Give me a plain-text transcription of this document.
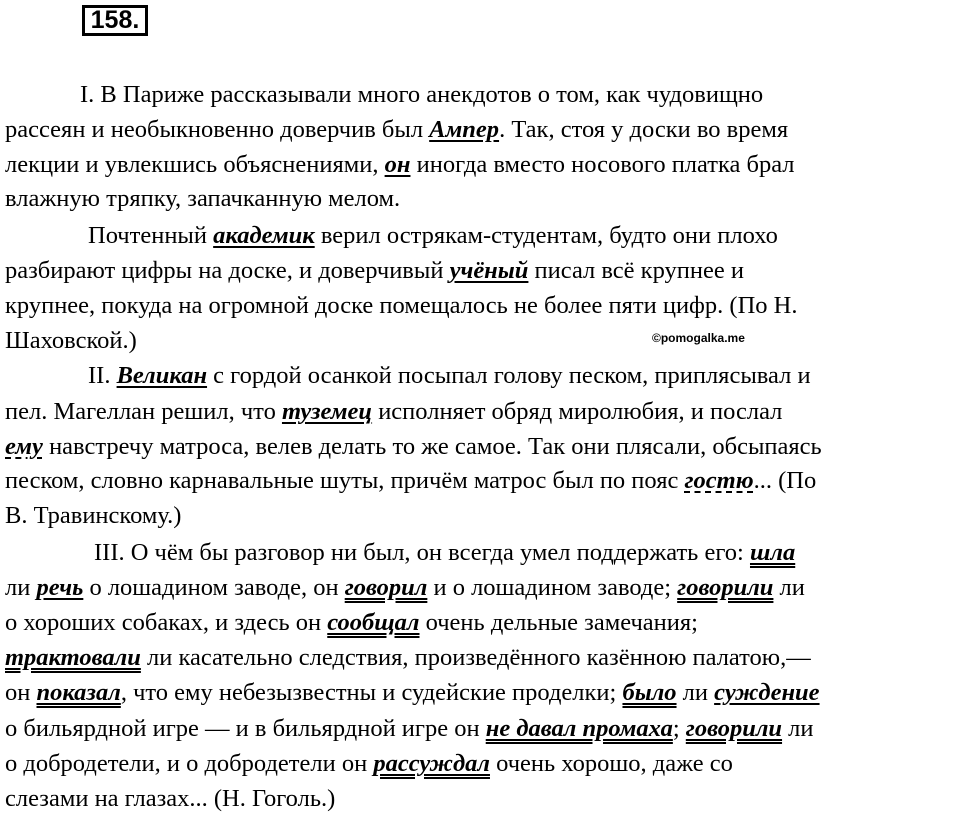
158.
I. В Париже рассказывали много анекдотов о том, как чудовищно
рассеян и необыкновенно доверчив был Ампер. Так, стоя у доски во время
лекции и увлекшись объяснениями, он иногда вместо носового платка брал
влажную тряпку, запачканную мелом.
Почтенный академик верил острякам-студентам, будто они плохо
разбирают цифры на доске, и доверчивый учёный писал всё крупнее и
крупнее, покуда на огромной доске помещалось не более пяти цифр. (По Н.
Шаховской.)	©pomogalka.me
II. Великан с гордой осанкой посыпал голову песком, приплясывал и
пел. Магеллан решил, что туземец исполняет обряд миролюбия, и послал
ему навстречу матроса, велев делать то же самое. Так они плясали, обсыпаясь
песком, словно карнавальные шуты, причём матрос был по пояс гостю... (По
В. Травинскому.)
III. О чём бы разговор ни был, он всегда умел поддержать его: шла
ли речь о лошадином заводе, он говорил и о лошадином заводе; говорили ли
о хороших собаках, и здесь он сообщал очень дельные замечания;
трактовали ли касательно следствия, произведённого казённою палатою,—
он показал, что ему небезызвестны и судейские проделки; было ли суждение
о бильярдной игре — и в бильярдной игре он не давал промаха; говорили ли
о добродетели, и о добродетели он рассуждал очень хорошо, даже со
слезами на глазах... (Н. Гоголь.)
